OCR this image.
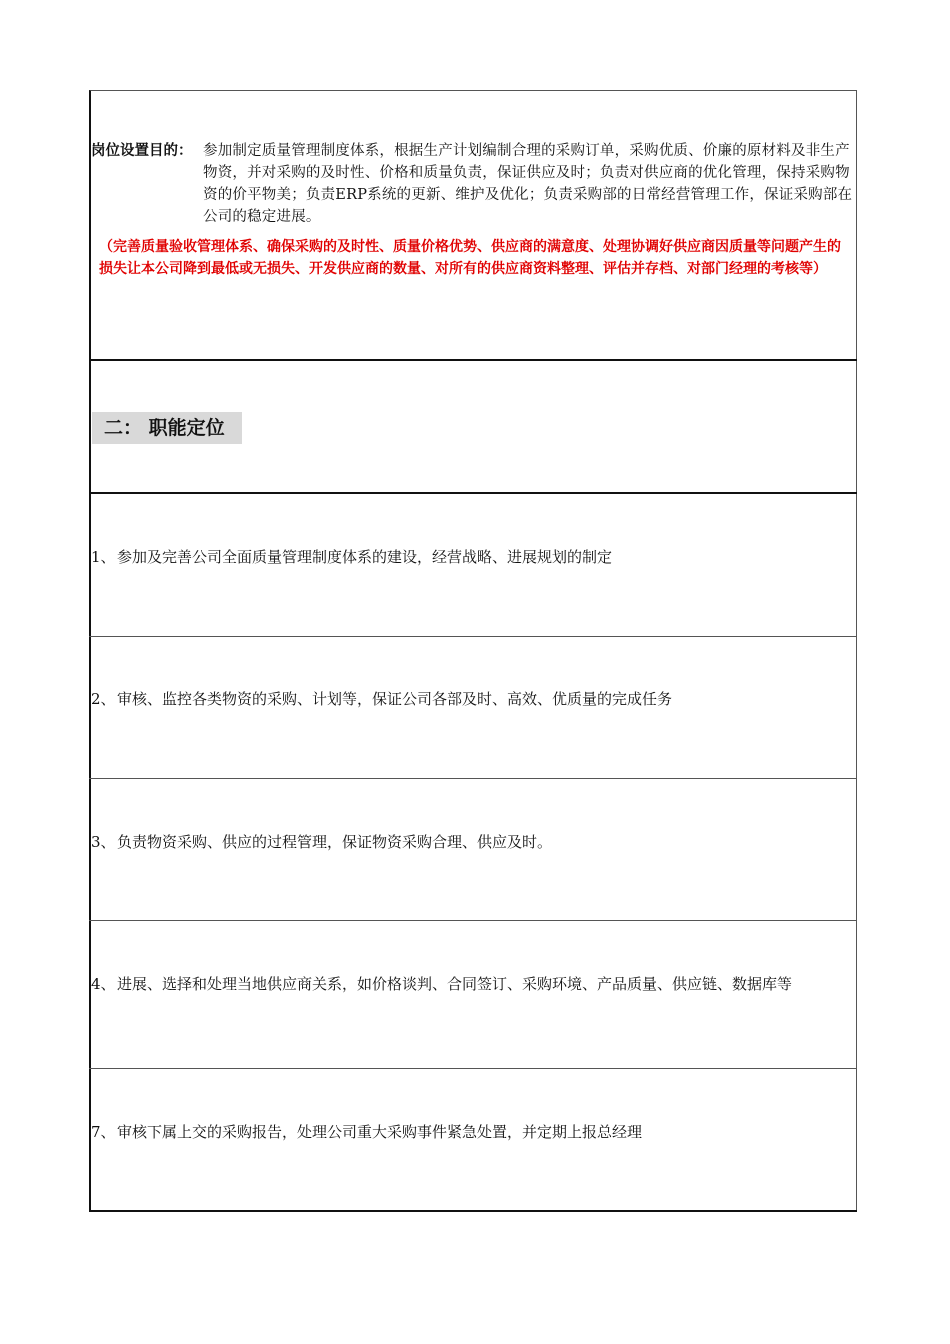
岗位设置目的： 参加制定质量管理制度体系，根据生产计划编制合理的采购订单，采购优质、价廉的原材料及非生产物资，并对采购的及时性、价格和质量负责，保证供应及时；负责对供应商的优化管理，保持采购物资的价平物美；负责ERP系统的更新、维护及优化；负责采购部的日常经营管理工作，保证采购部在公司的稳定进展。
（完善质量验收管理体系、确保采购的及时性、质量价格优势、供应商的满意度、处理协调好供应商因质量等问题产生的损失让本公司降到最低或无损失、开发供应商的数量、对所有的供应商资料整理、评估并存档、对部门经理的考核等）
二： 职能定位
1、 参加及完善公司全面质量管理制度体系的建设，经营战略、进展规划的制定
2、 审核、监控各类物资的采购、计划等，保证公司各部及时、高效、优质量的完成任务
3、 负责物资采购、供应的过程管理，保证物资采购合理、供应及时。
4、 进展、选择和处理当地供应商关系，如价格谈判、合同签订、采购环境、产品质量、供应链、数据库等
7、 审核下属上交的采购报告，处理公司重大采购事件紧急处置，并定期上报总经理
